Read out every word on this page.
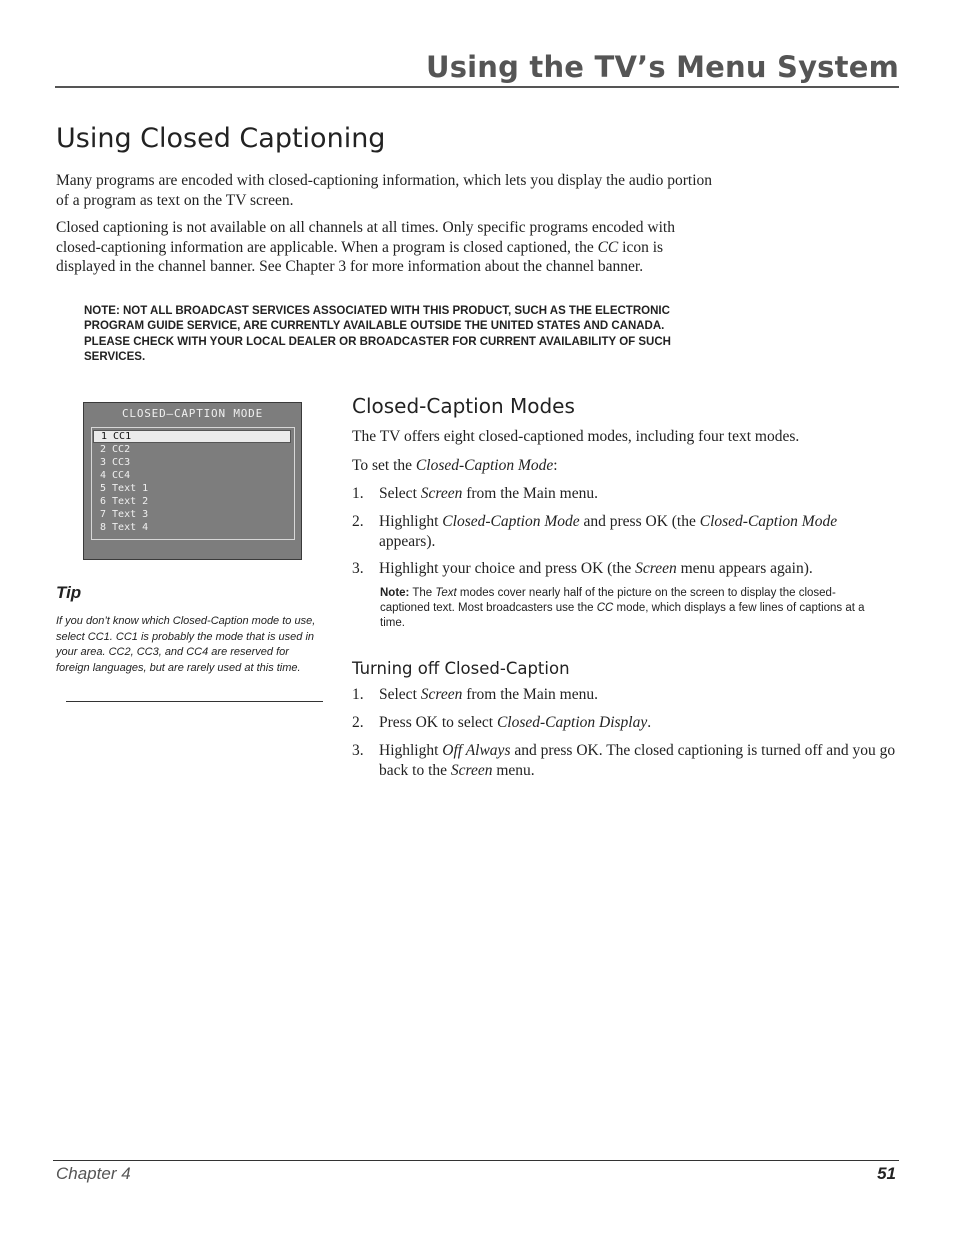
Using the TV’s Menu System
Using Closed Captioning

Many programs are encoded with closed-captioning information, which lets you display the audio portion of a program as text on the TV screen.

Closed captioning is not available on all channels at all times. Only specific programs encoded with closed-captioning information are applicable. When a program is closed captioned, the CC icon is displayed in the channel banner. See Chapter 3 for more information about the channel banner.

NOTE: NOT ALL BROADCAST SERVICES ASSOCIATED WITH THIS PRODUCT, SUCH AS THE ELECTRONIC PROGRAM GUIDE SERVICE, ARE CURRENTLY AVAILABLE OUTSIDE THE UNITED STATES AND CANADA. PLEASE CHECK WITH YOUR LOCAL DEALER OR BROADCASTER FOR CURRENT AVAILABILITY OF SUCH SERVICES.

CLOSED–CAPTION MODE
1 CC1
2 CC2
3 CC3
4 CC4
5 Text 1
6 Text 2
7 Text 3
8 Text 4
Tip

If you don’t know which Closed-Caption mode to use, select CC1. CC1 is probably the mode that is used in your area. CC2, CC3, and CC4 are reserved for foreign languages, but are rarely used at this time.

Closed-Caption Modes

The TV offers eight closed-captioned modes, including four text modes.

To set the Closed-Caption Mode:

1. Select Screen from the Main menu.
2. Highlight Closed-Caption Mode and press OK (the Closed-Caption Mode appears).
3. Highlight your choice and press OK (the Screen menu appears again).

Note: The Text modes cover nearly half of the picture on the screen to display the closed-captioned text. Most broadcasters use the CC mode, which displays a few lines of captions at a time.

Turning off Closed-Caption
1. Select Screen from the Main menu.
2. Press OK to select Closed-Caption Display.
3. Highlight Off Always and press OK. The closed captioning is turned off and you go back to the Screen menu.
Chapter 4	51
